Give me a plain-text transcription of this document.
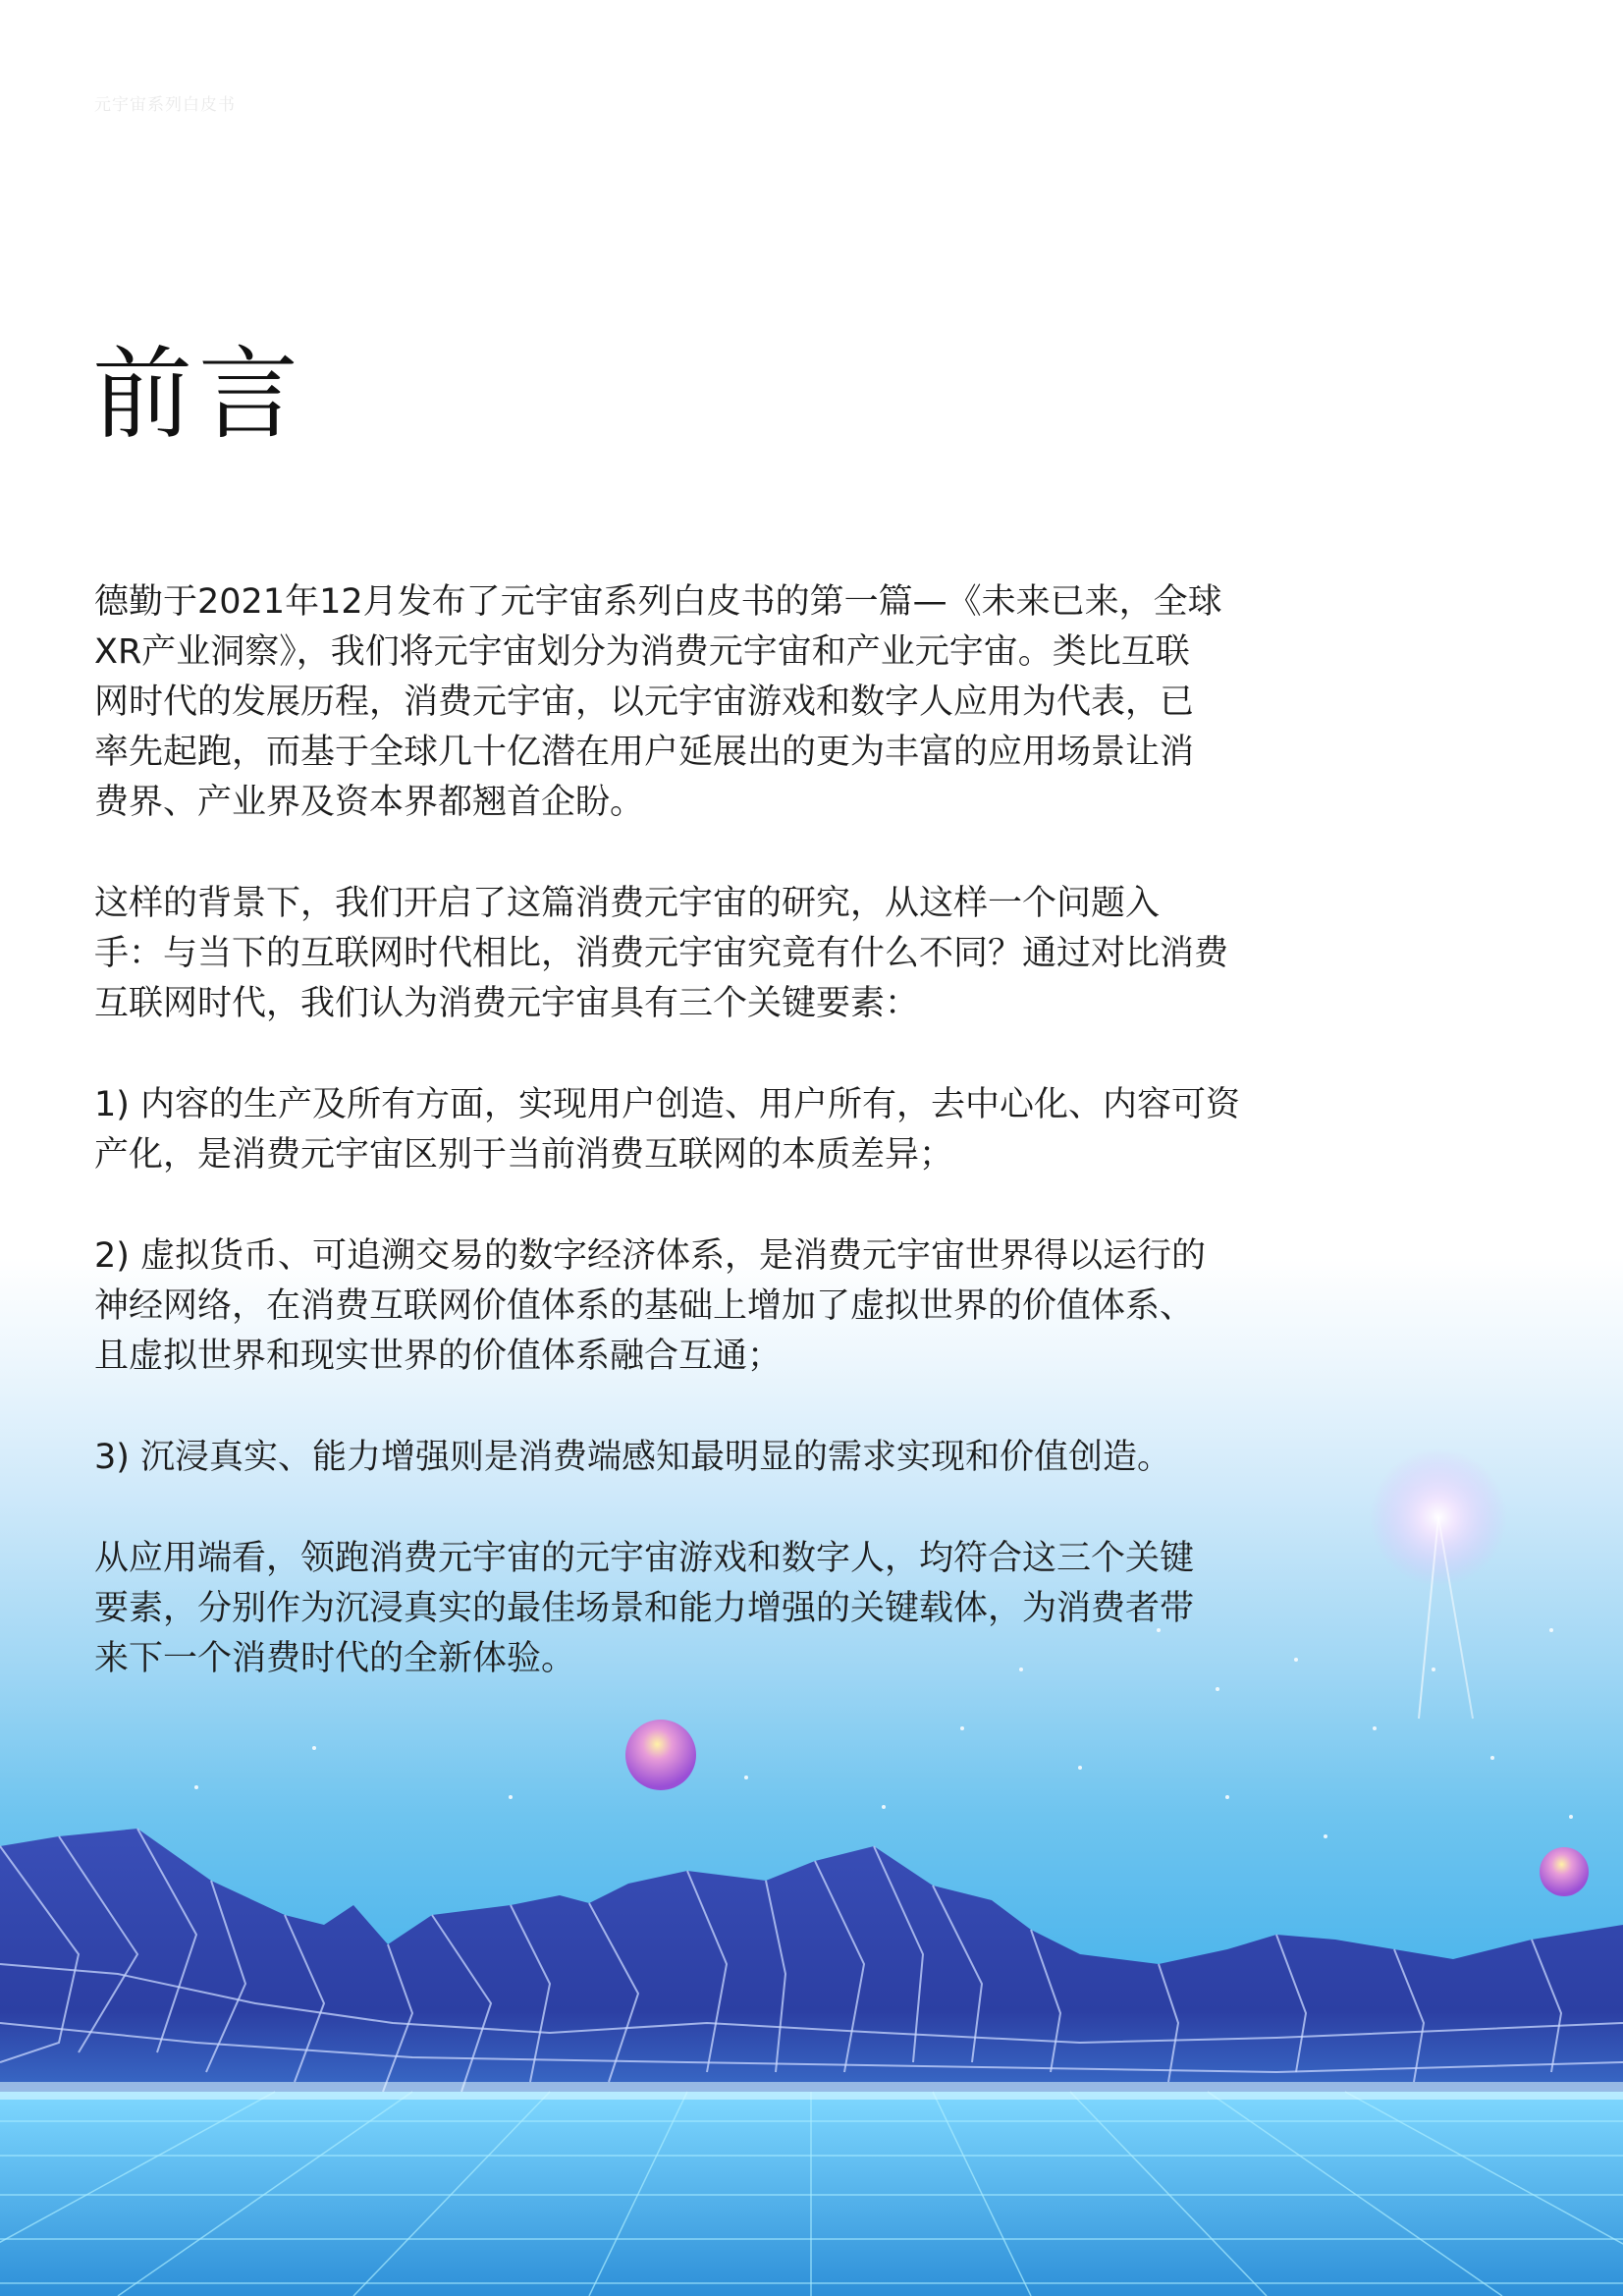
元宇宙系列白皮书

前言

德勤于2021年12月发布了元宇宙系列白皮书的第一篇—《未来已来，全球
XR产业洞察》，我们将元宇宙划分为消费元宇宙和产业元宇宙。类比互联
网时代的发展历程，消费元宇宙，以元宇宙游戏和数字人应用为代表，已
率先起跑，而基于全球几十亿潜在用户延展出的更为丰富的应用场景让消
费界、产业界及资本界都翘首企盼。

这样的背景下，我们开启了这篇消费元宇宙的研究，从这样一个问题入
手：与当下的互联网时代相比，消费元宇宙究竟有什么不同？通过对比消费
互联网时代，我们认为消费元宇宙具有三个关键要素：

1) 内容的生产及所有方面，实现用户创造、用户所有，去中心化、内容可资
产化，是消费元宇宙区别于当前消费互联网的本质差异；

2) 虚拟货币、可追溯交易的数字经济体系，是消费元宇宙世界得以运行的
神经网络，在消费互联网价值体系的基础上增加了虚拟世界的价值体系、
且虚拟世界和现实世界的价值体系融合互通；

3) 沉浸真实、能力增强则是消费端感知最明显的需求实现和价值创造。

从应用端看，领跑消费元宇宙的元宇宙游戏和数字人，均符合这三个关键
要素，分别作为沉浸真实的最佳场景和能力增强的关键载体，为消费者带
来下一个消费时代的全新体验。
